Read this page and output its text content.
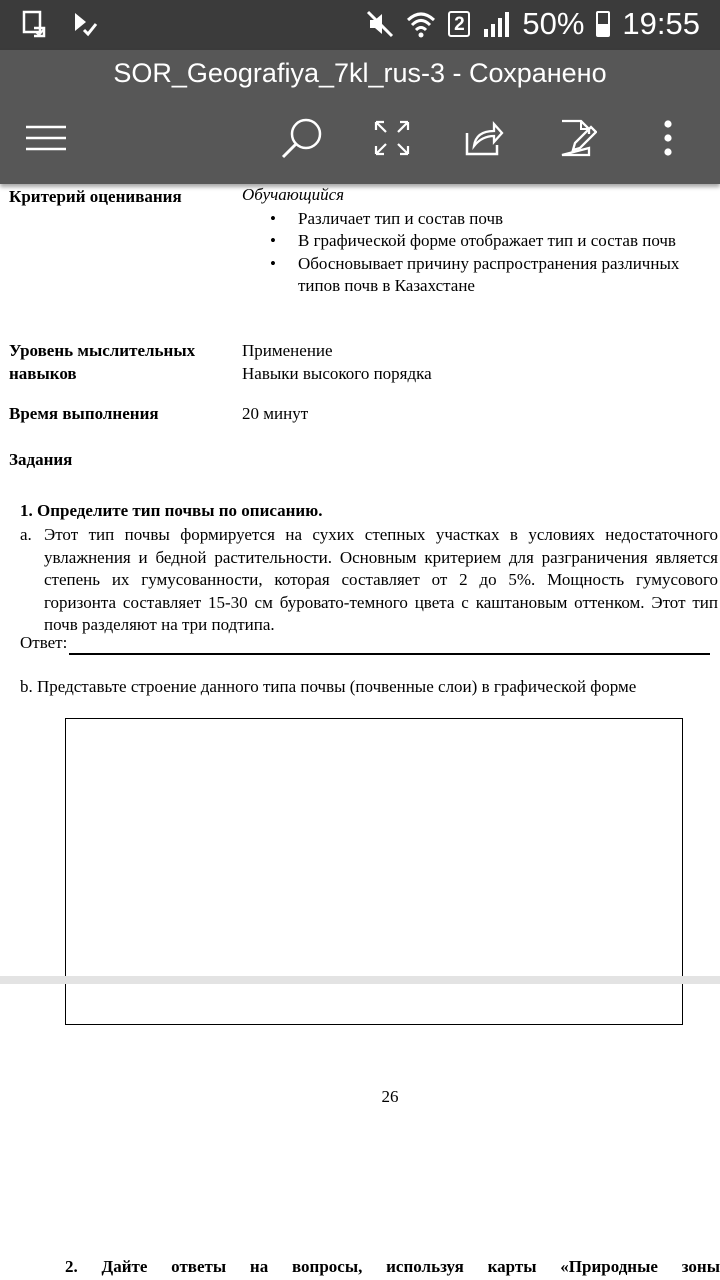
2 50% 19:55
SOR_Geografiya_7kl_rus-3 - Сохранено
Критерий оценивания	Обучающийся
• Различает тип и состав почв
• В графической форме отображает тип и состав почв
• Обосновывает причину распространения различных типов почв в Казахстане
Уровень мыслительных навыков
Применение
Навыки высокого порядка
Время выполнения	20 минут
Задания
1. Определите тип почвы по описанию.
a. Этот тип почвы формируется на сухих степных участках в условиях недостаточного увлажнения и бедной растительности. Основным критерием для разграничения является степень их гумусованности, которая составляет от 2 до 5%. Мощность гумусового горизонта составляет 15-30 см буровато-темного цвета с каштановым оттенком. Этот тип почв разделяют на три подтипа.
Ответ:
b. Представьте строение данного типа почвы (почвенные слои) в графической форме
26
2. Дайте ответы на вопросы, используя карты «Природные зоны
